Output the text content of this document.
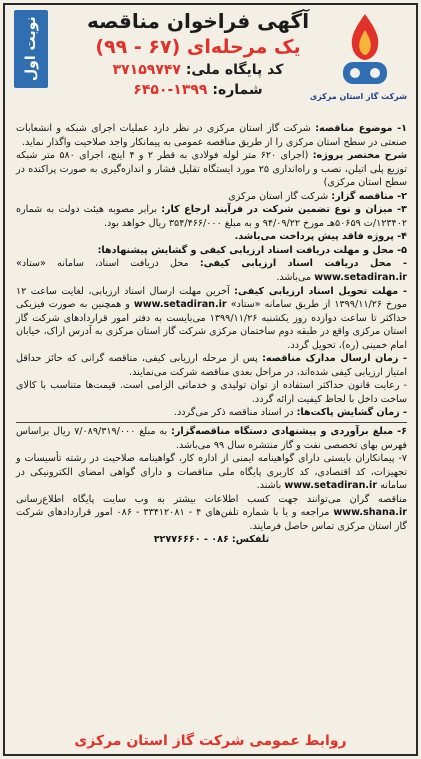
نوبت اول	آگهی فراخوان مناقصه
یک مرحله‌ای (۶۷ - ۹۹)
کد پایگاه ملی: ۳۷۱۵۹۷۴۷
شماره: ۱۳۹۹-۶۴۵۰	شرکت گاز استان مرکزی

۱- موضوع مناقصه: شرکت گاز استان مرکزی در نظر دارد عملیات اجرای شبکه و انشعابات صنعتی در سطح استان مرکزی را از طریق مناقصه عمومی به پیمانکار واجد صلاحیت واگذار نماید.

شرح مختصر پروژه: (اجرای ۶۲۰ متر لوله فولادی به قطر ۲ و ۴ اینچ، اجرای ۵۸۰ متر شبکه توزیع پلی اتیلن، نصب و راه‌اندازی ۲۵ مورد ایستگاه تقلیل فشار و اندازه‌گیری به صورت پراکنده در سطح استان مرکزی)

۲- مناقصه گزار: شرکت گاز استان مرکزی

۳- میزان و نوع تضمین شرکت در فرآیند ارجاع کار: برابر مصوبه هیئت دولت به شماره ۱۲۳۴۰۲/ت ۵۰۶۵۹هـ مورخ ۹۴/۰۹/۲۲ و به مبلغ ۳۵۴/۴۶۶/۰۰۰ ریال خواهد بود.

۴- پروژه فاقد پیش پرداخت می‌باشد.

۵- محل و مهلت دریافت اسناد ارزیابی کیفی و گشایش پیشنهادها:

- محل دریافت اسناد ارزیابی کیفی: محل دریافت اسناد، سامانه «ستاد» www.setadiran.ir می‌باشد.

- مهلت تحویل اسناد ارزیابی کیفی: آخرین مهلت ارسال اسناد ارزیابی، لغایت ساعت ۱۲ مورخ ۱۳۹۹/۱۱/۲۶ از طریق سامانه «ستاد» www.setadiran.ir و همچنین به صورت فیزیکی حداکثر تا ساعت دوازده روز یکشنبه ۱۳۹۹/۱۱/۲۶ می‌بایست به دفتر امور قراردادهای شرکت گاز استان مرکزی واقع در طبقه دوم ساختمان مرکزی شرکت گاز استان مرکزی به آدرس اراک، خیابان امام خمینی (ره)، تحویل گردد.

- زمان ارسال مدارک مناقصه: پس از مرحله ارزیابی کیفی، مناقصه گرانی که حائز حداقل امتیاز ارزیابی کیفی شده‌اند، در مراحل بعدی مناقصه شرکت می‌نمایند.

- رعایت قانون حداکثر استفاده از توان تولیدی و خدماتی الزامی است. قیمت‌ها متناسب با کالای ساخت داخل با لحاظ کیفیت ارائه گردد.

- زمان گشایش پاکت‌ها: در اسناد مناقصه ذکر می‌گردد.

۶- مبلغ برآوردی و پیشنهادی دستگاه مناقصه‌گزار: به مبلغ ۷/۰۸۹/۳۱۹/۰۰۰ ریال براساس فهرس بهای تخصصی نفت و گاز منتشره سال ۹۹ می‌باشد.

۷- پیمانکاران بایستی دارای گواهینامه ایمنی از اداره کار، گواهینامه صلاحیت در رشته تأسیسات و تجهیزات، کد اقتصادی، کد کاربری پایگاه ملی مناقصات و دارای گواهی امضای الکترونیکی در سامانه www.setadiran.ir باشند.

مناقصه گران می‌توانند جهت کسب اطلاعات بیشتر به وب سایت پایگاه اطلاع‌رسانی www.shana.ir مراجعه و یا با شماره تلفن‌های ۴ - ۳۳۴۱۲۰۸۱ - ۰۸۶ امور قراردادهای شرکت گاز استان مرکزی تماس حاصل فرمایند.

تلفکس: ۰۸۶ - ۳۲۷۷۶۶۶۰

روابط عمومی شرکت گاز استان مرکزی
